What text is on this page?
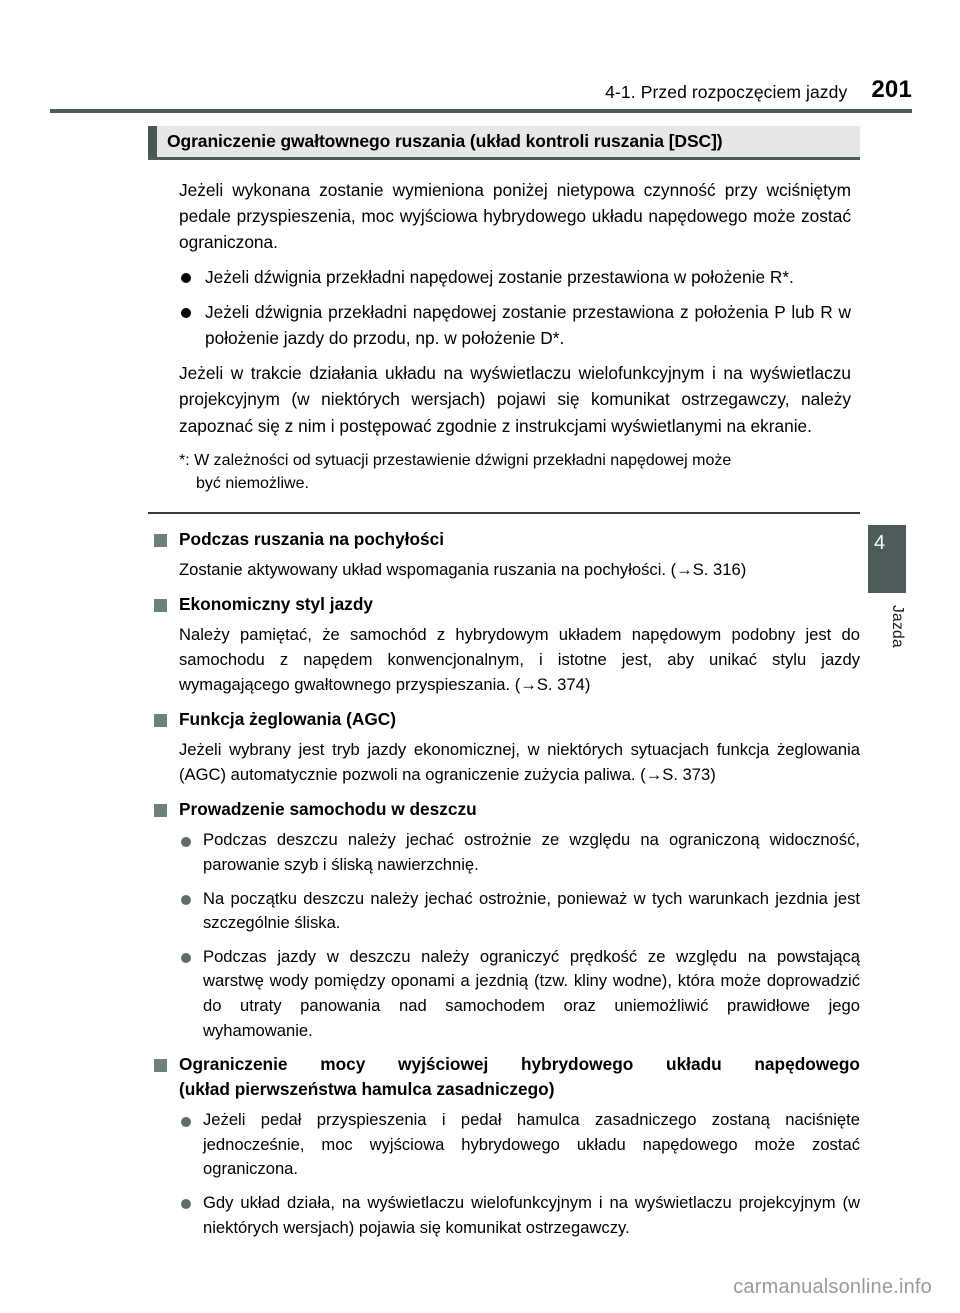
4-1. Przed rozpoczęciem jazdy 201
Ograniczenie gwałtownego ruszania (układ kontroli ruszania [DSC])

Jeżeli wykonana zostanie wymieniona poniżej nietypowa czynność przy wciśniętym pedale przyspieszenia, moc wyjściowa hybrydowego układu napędowego może zostać ograniczona.

Jeżeli dźwignia przekładni napędowej zostanie przestawiona w położenie R*.
Jeżeli dźwignia przekładni napędowej zostanie przestawiona z położenia P lub R w położenie jazdy do przodu, np. w położenie D*.

Jeżeli w trakcie działania układu na wyświetlaczu wielofunkcyjnym i na wyświetlaczu projekcyjnym (w niektórych wersjach) pojawi się komunikat ostrzegawczy, należy zapoznać się z nim i postępować zgodnie z instrukcjami wyświetlanymi na ekranie.

*: W zależności od sytuacji przestawienie dźwigni przekładni napędowej może
być niemożliwe.
Podczas ruszania na pochyłości

Zostanie aktywowany układ wspomagania ruszania na pochyłości. (→S. 316)

Ekonomiczny styl jazdy

Należy pamiętać, że samochód z hybrydowym układem napędowym podobny jest do samochodu z napędem konwencjonalnym, i istotne jest, aby unikać stylu jazdy wymagającego gwałtownego przyspieszania. (→S. 374)

Funkcja żeglowania (AGC)

Jeżeli wybrany jest tryb jazdy ekonomicznej, w niektórych sytuacjach funkcja żeglowania (AGC) automatycznie pozwoli na ograniczenie zużycia paliwa. (→S. 373)

Prowadzenie samochodu w deszczu
Podczas deszczu należy jechać ostrożnie ze względu na ograniczoną widoczność, parowanie szyb i śliską nawierzchnię.
Na początku deszczu należy jechać ostrożnie, ponieważ w tych warunkach jezdnia jest szczególnie śliska.
Podczas jazdy w deszczu należy ograniczyć prędkość ze względu na powstającą warstwę wody pomiędzy oponami a jezdnią (tzw. kliny wodne), która może doprowadzić do utraty panowania nad samochodem oraz uniemożliwić prawidłowe jego wyhamowanie.
Ograniczenie mocy wyjściowej hybrydowego układu napędowego
(układ pierwszeństwa hamulca zasadniczego)
Jeżeli pedał przyspieszenia i pedał hamulca zasadniczego zostaną naciśnięte jednocześnie, moc wyjściowa hybrydowego układu napędowego może zostać ograniczona.
Gdy układ działa, na wyświetlaczu wielofunkcyjnym i na wyświetlaczu projekcyjnym (w niektórych wersjach) pojawia się komunikat ostrzegawczy.
4
Jazda
carmanualsonline.info
